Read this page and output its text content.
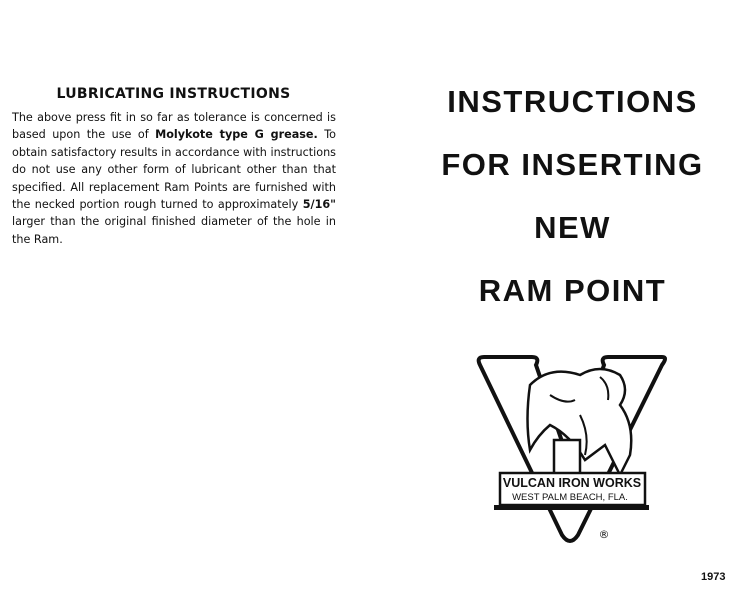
LUBRICATING INSTRUCTIONS
The above press fit in so far as tolerance is concerned is based upon the use of Molykote type G grease. To obtain satisfactory results in accordance with instructions do not use any other form of lubricant other than that specified. All replacement Ram Points are furnished with the necked portion rough turned to approximately 5/16" larger than the original finished diameter of the hole in the Ram.
INSTRUCTIONS
FOR INSERTING
NEW
RAM POINT
VULCAN IRON WORKS
WEST PALM BEACH, FLA.
®
1973
